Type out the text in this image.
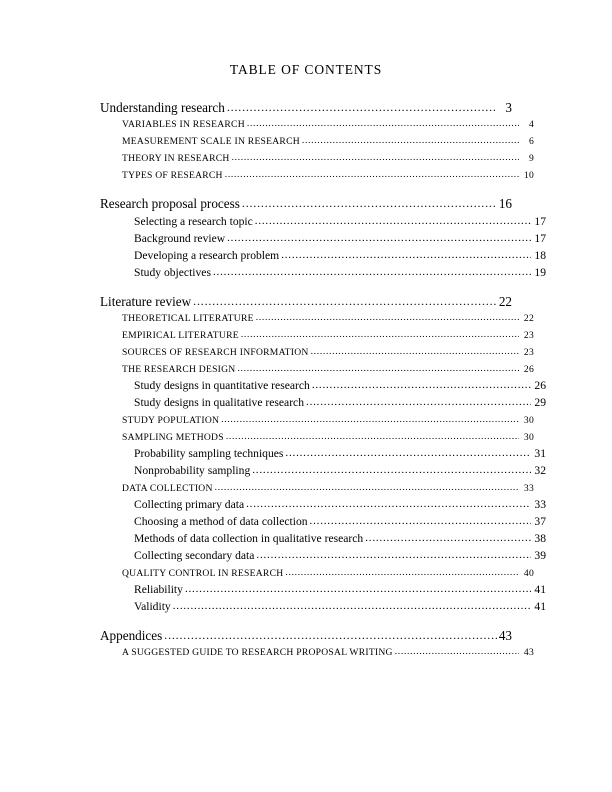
TABLE OF CONTENTS
Understanding research .....	3
VARIABLES IN RESEARCH .....	4
MEASUREMENT SCALE IN RESEARCH .....	6
THEORY IN RESEARCH .....	9
TYPES OF RESEARCH .....	10
Research proposal process .....	16
Selecting a research topic .....	17
Background review .....	17
Developing a research problem .....	18
Study objectives .....	19
Literature review .....	22
THEORETICAL LITERATURE .....	22
EMPIRICAL LITERATURE .....	23
SOURCES OF RESEARCH INFORMATION .....	23
THE RESEARCH DESIGN .....	26
Study designs in quantitative research .....	26
Study designs in qualitative research .....	29
STUDY POPULATION .....	30
SAMPLING METHODS .....	30
Probability sampling techniques .....	31
Nonprobability sampling .....	32
DATA COLLECTION .....	33
Collecting primary data .....	33
Choosing a method of data collection .....	37
Methods of data collection in qualitative research .....	38
Collecting secondary data .....	39
QUALITY CONTROL IN RESEARCH .....	40
Reliability .....	41
Validity .....	41
Appendices .....	43
A SUGGESTED GUIDE TO RESEARCH PROPOSAL WRITING .....	43
